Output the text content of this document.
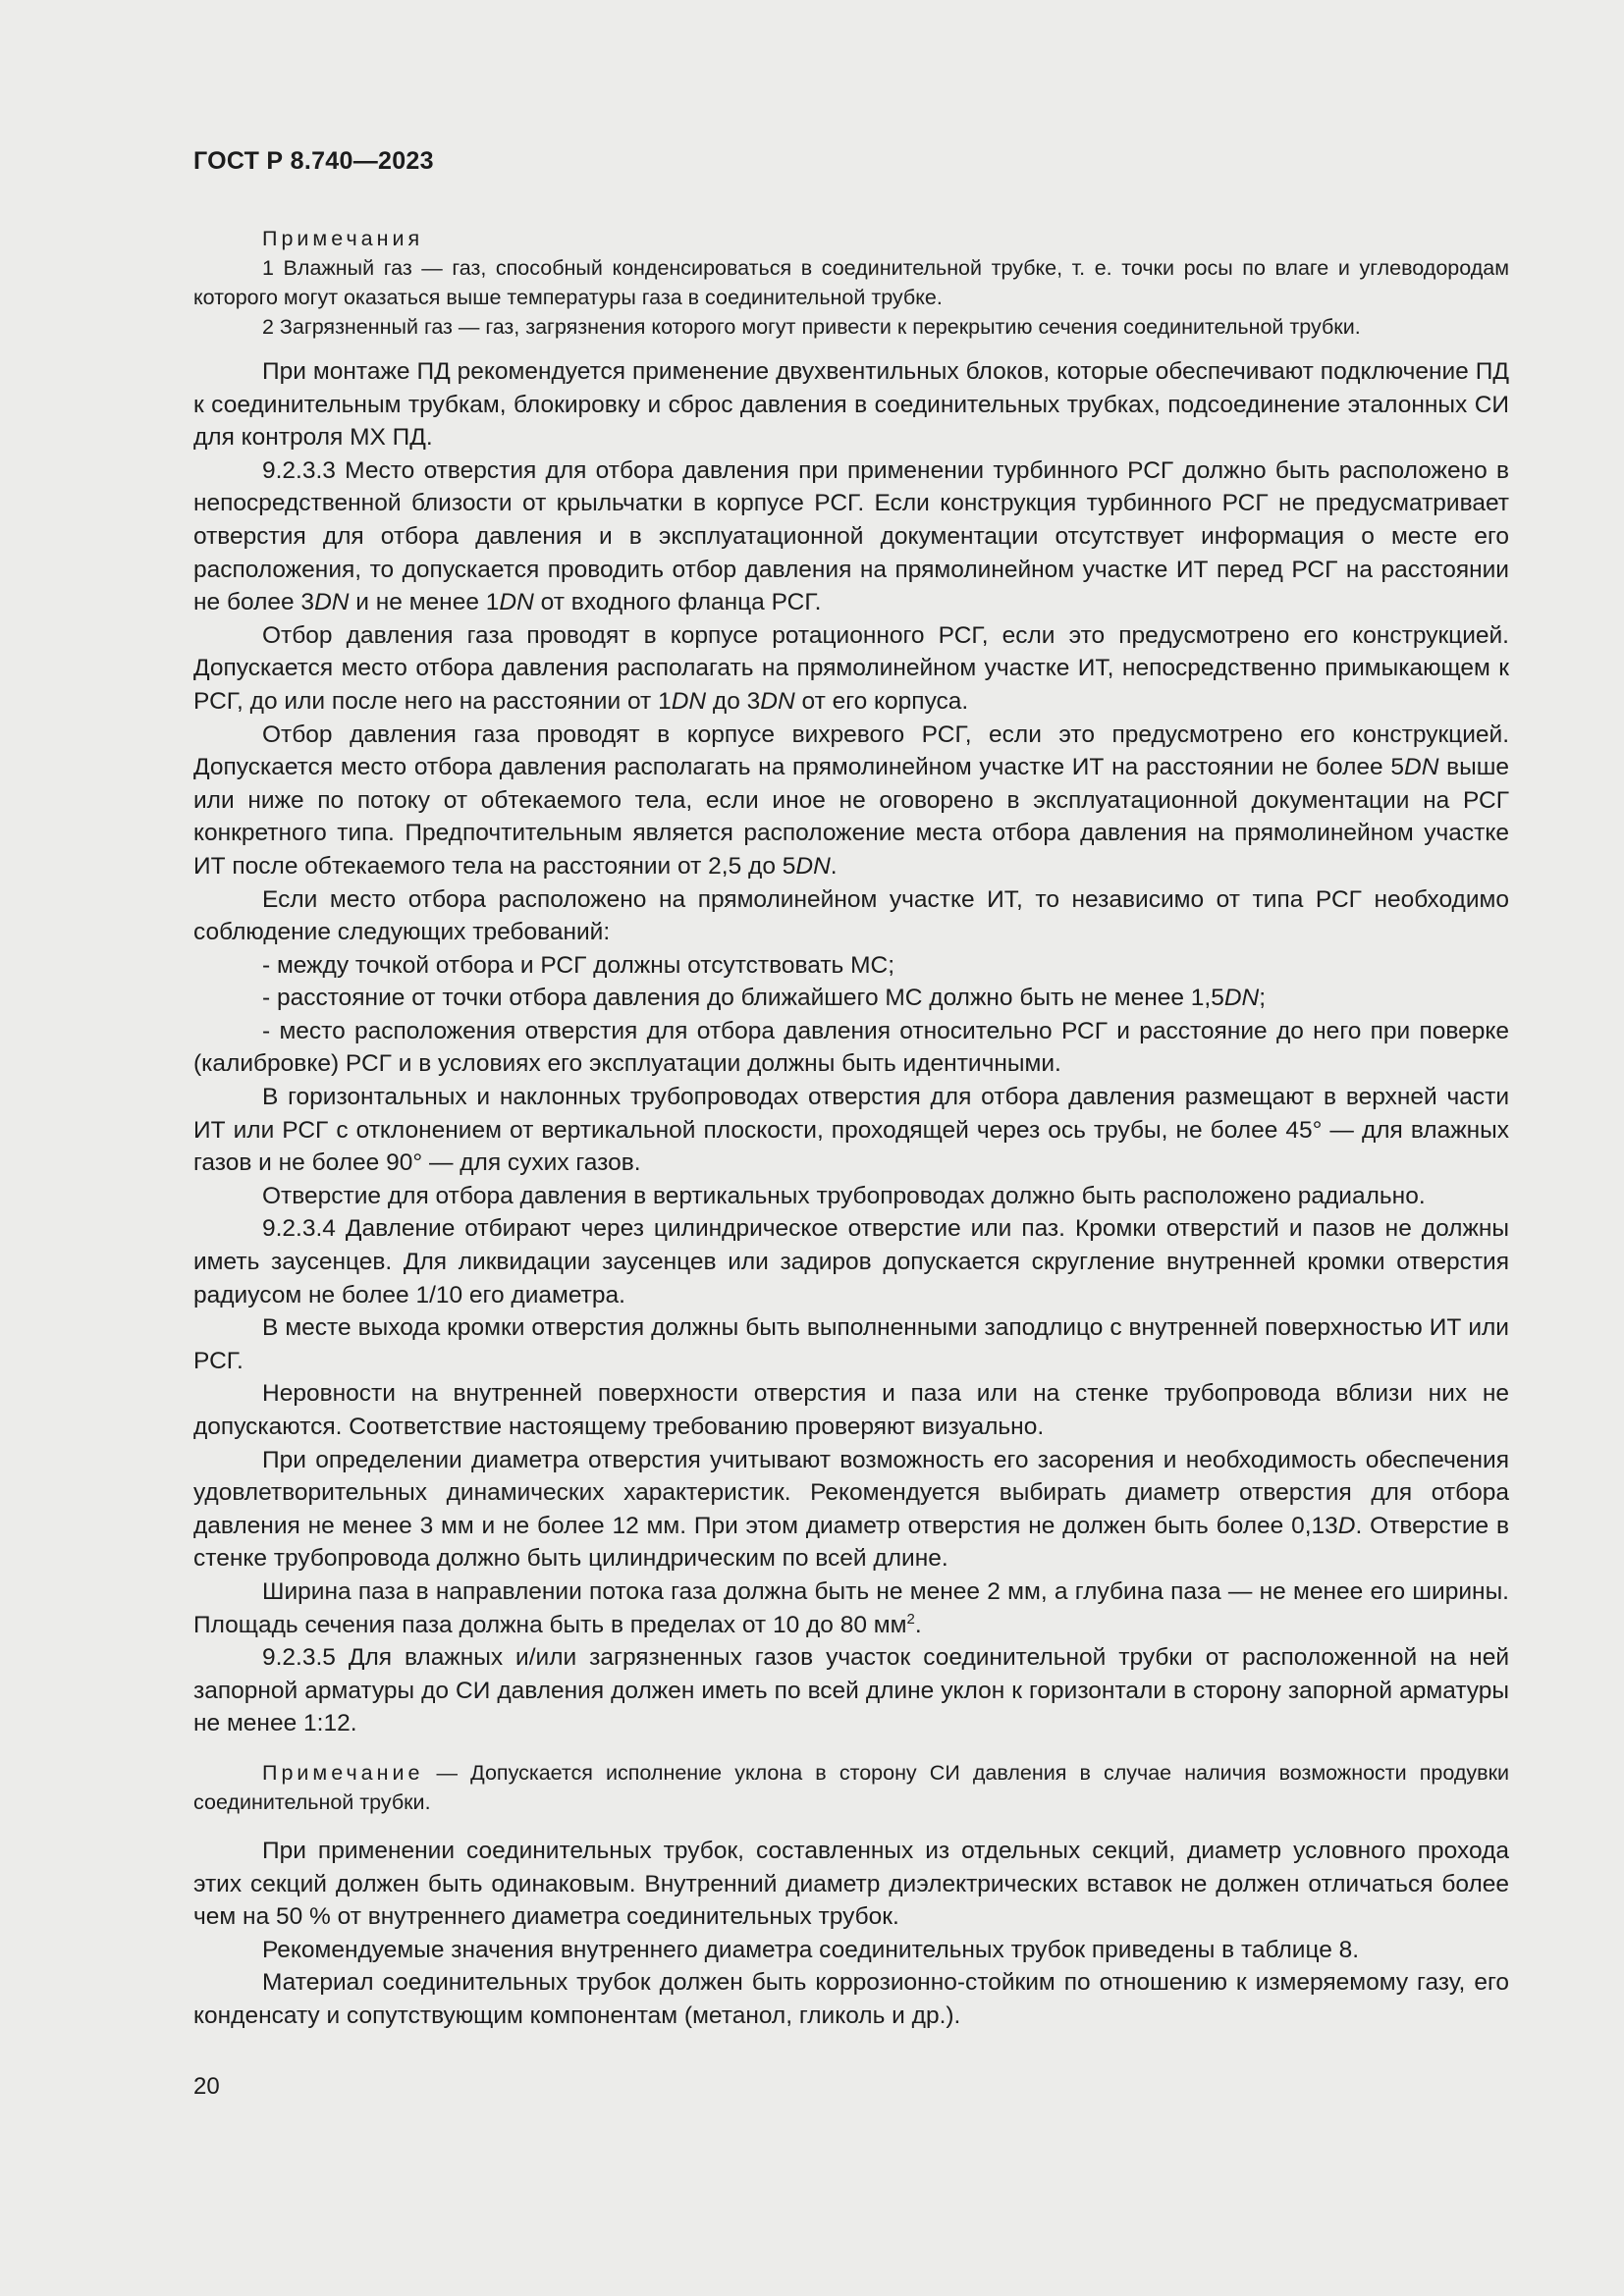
ГОСТ Р 8.740—2023

Примечания

1 Влажный газ — газ, способный конденсироваться в соединительной трубке, т. е. точки росы по влаге и углеводородам которого могут оказаться выше температуры газа в соединительной трубке.

2 Загрязненный газ — газ, загрязнения которого могут привести к перекрытию сечения соединительной трубки.

При монтаже ПД рекомендуется применение двухвентильных блоков, которые обеспечивают подключение ПД к соединительным трубкам, блокировку и сброс давления в соединительных трубках, подсоединение эталонных СИ для контроля МХ ПД.

9.2.3.3 Место отверстия для отбора давления при применении турбинного РСГ должно быть расположено в непосредственной близости от крыльчатки в корпусе РСГ. Если конструкция турбинного РСГ не предусматривает отверстия для отбора давления и в эксплуатационной документации отсутствует информация о месте его расположения, то допускается проводить отбор давления на прямолинейном участке ИТ перед РСГ на расстоянии не более 3DN и не менее 1DN от входного фланца РСГ.

Отбор давления газа проводят в корпусе ротационного РСГ, если это предусмотрено его конструкцией. Допускается место отбора давления располагать на прямолинейном участке ИТ, непосредственно примыкающем к РСГ, до или после него на расстоянии от 1DN до 3DN от его корпуса.

Отбор давления газа проводят в корпусе вихревого РСГ, если это предусмотрено его конструкцией. Допускается место отбора давления располагать на прямолинейном участке ИТ на расстоянии не более 5DN выше или ниже по потоку от обтекаемого тела, если иное не оговорено в эксплуатационной документации на РСГ конкретного типа. Предпочтительным является расположение места отбора давления на прямолинейном участке ИТ после обтекаемого тела на расстоянии от 2,5 до 5DN.

Если место отбора расположено на прямолинейном участке ИТ, то независимо от типа РСГ необходимо соблюдение следующих требований:

- между точкой отбора и РСГ должны отсутствовать МС;

- расстояние от точки отбора давления до ближайшего МС должно быть не менее 1,5DN;

- место расположения отверстия для отбора давления относительно РСГ и расстояние до него при поверке (калибровке) РСГ и в условиях его эксплуатации должны быть идентичными.

В горизонтальных и наклонных трубопроводах отверстия для отбора давления размещают в верхней части ИТ или РСГ с отклонением от вертикальной плоскости, проходящей через ось трубы, не более 45° — для влажных газов и не более 90° — для сухих газов.

Отверстие для отбора давления в вертикальных трубопроводах должно быть расположено радиально.

9.2.3.4 Давление отбирают через цилиндрическое отверстие или паз. Кромки отверстий и пазов не должны иметь заусенцев. Для ликвидации заусенцев или задиров допускается скругление внутренней кромки отверстия радиусом не более 1/10 его диаметра.

В месте выхода кромки отверстия должны быть выполненными заподлицо с внутренней поверхностью ИТ или РСГ.

Неровности на внутренней поверхности отверстия и паза или на стенке трубопровода вблизи них не допускаются. Соответствие настоящему требованию проверяют визуально.

При определении диаметра отверстия учитывают возможность его засорения и необходимость обеспечения удовлетворительных динамических характеристик. Рекомендуется выбирать диаметр отверстия для отбора давления не менее 3 мм и не более 12 мм. При этом диаметр отверстия не должен быть более 0,13D. Отверстие в стенке трубопровода должно быть цилиндрическим по всей длине.

Ширина паза в направлении потока газа должна быть не менее 2 мм, а глубина паза — не менее его ширины. Площадь сечения паза должна быть в пределах от 10 до 80 $мм^2$.

9.2.3.5 Для влажных и/или загрязненных газов участок соединительной трубки от расположенной на ней запорной арматуры до СИ давления должен иметь по всей длине уклон к горизонтали в сторону запорной арматуры не менее 1:12.

Примечание — Допускается исполнение уклона в сторону СИ давления в случае наличия возможности продувки соединительной трубки.

При применении соединительных трубок, составленных из отдельных секций, диаметр условного прохода этих секций должен быть одинаковым. Внутренний диаметр диэлектрических вставок не должен отличаться более чем на 50 % от внутреннего диаметра соединительных трубок.

Рекомендуемые значения внутреннего диаметра соединительных трубок приведены в таблице 8.

Материал соединительных трубок должен быть коррозионно-стойким по отношению к измеряемому газу, его конденсату и сопутствующим компонентам (метанол, гликоль и др.).

20
